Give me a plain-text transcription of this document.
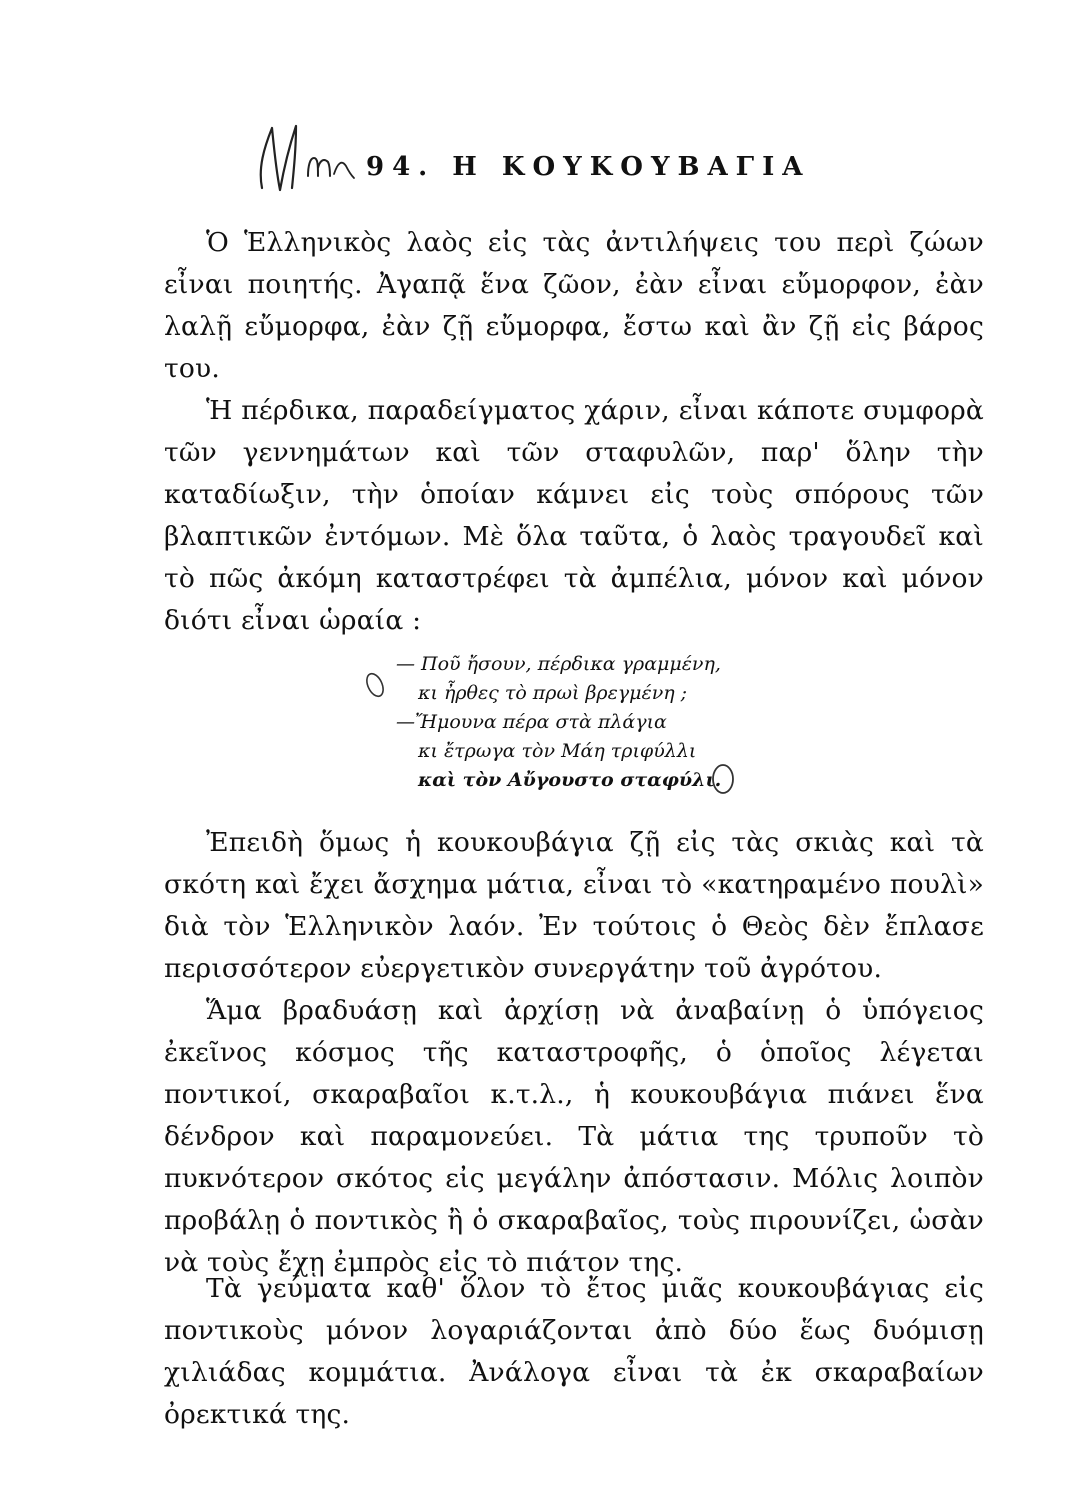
94. Η ΚΟΥΚΟΥΒΑΓΙΑ

Ὁ Ἑλληνικὸς λαὸς εἰς τὰς ἀντιλήψεις του περὶ ζώων εἶναι ποιητής. Ἀγαπᾷ ἕνα ζῶον, ἐὰν εἶναι εὔμορφον, ἐὰν λαλῇ εὔμορφα, ἐὰν ζῇ εὔμορφα, ἔστω καὶ ἂν ζῇ εἰς βάρος του.

Ἡ πέρδικα, παραδείγματος χάριν, εἶναι κάποτε συμφορὰ τῶν γεννημάτων καὶ τῶν σταφυλῶν, παρ' ὅλην τὴν καταδίωξιν, τὴν ὁποίαν κάμνει εἰς τοὺς σπόρους τῶν βλαπτικῶν ἐντόμων. Μὲ ὅλα ταῦτα, ὁ λαὸς τραγουδεῖ καὶ τὸ πῶς ἀκόμη καταστρέφει τὰ ἀμπέλια, μόνον καὶ μόνον διότι εἶναι ὡραία :

— Ποῦ ἤσουν, πέρδικα γραμμένη,
κι ἦρθες τὸ πρωὶ βρεγμένη ;
—Ἤμουνα πέρα στὰ πλάγια
κι ἔτρωγα τὸν Μάη τριφύλλι
καὶ τὸν Αὔγουστο σταφύλι.

Ἐπειδὴ ὅμως ἡ κουκουβάγια ζῇ εἰς τὰς σκιὰς καὶ τὰ σκότη καὶ ἔχει ἄσχημα μάτια, εἶναι τὸ «κατηραμένο πουλὶ» διὰ τὸν Ἑλληνικὸν λαόν. Ἐν τούτοις ὁ Θεὸς δὲν ἔπλασε περισσότερον εὐεργετικὸν συνεργάτην τοῦ ἀγρότου.

Ἅμα βραδυάσῃ καὶ ἀρχίσῃ νὰ ἀναβαίνῃ ὁ ὑπόγειος ἐκεῖνος κόσμος τῆς καταστροφῆς, ὁ ὁποῖος λέγεται ποντικοί, σκαραβαῖοι κ.τ.λ., ἡ κουκουβάγια πιάνει ἕνα δένδρον καὶ παραμονεύει. Τὰ μάτια της τρυποῦν τὸ πυκνότερον σκότος εἰς μεγάλην ἀπόστασιν. Μόλις λοιπὸν προβάλῃ ὁ ποντικὸς ἢ ὁ σκαραβαῖος, τοὺς πιρουνίζει, ὡσὰν νὰ τοὺς ἔχῃ ἐμπρὸς εἰς τὸ πιάτον της.

Τὰ γεύματα καθ' ὅλον τὸ ἔτος μιᾶς κουκουβάγιας εἰς ποντικοὺς μόνον λογαριάζονται ἀπὸ δύο ἕως δυόμισῃ χιλιάδας κομμάτια. Ἀνάλογα εἶναι τὰ ἐκ σκαραβαίων ὀρεκτικά της.
